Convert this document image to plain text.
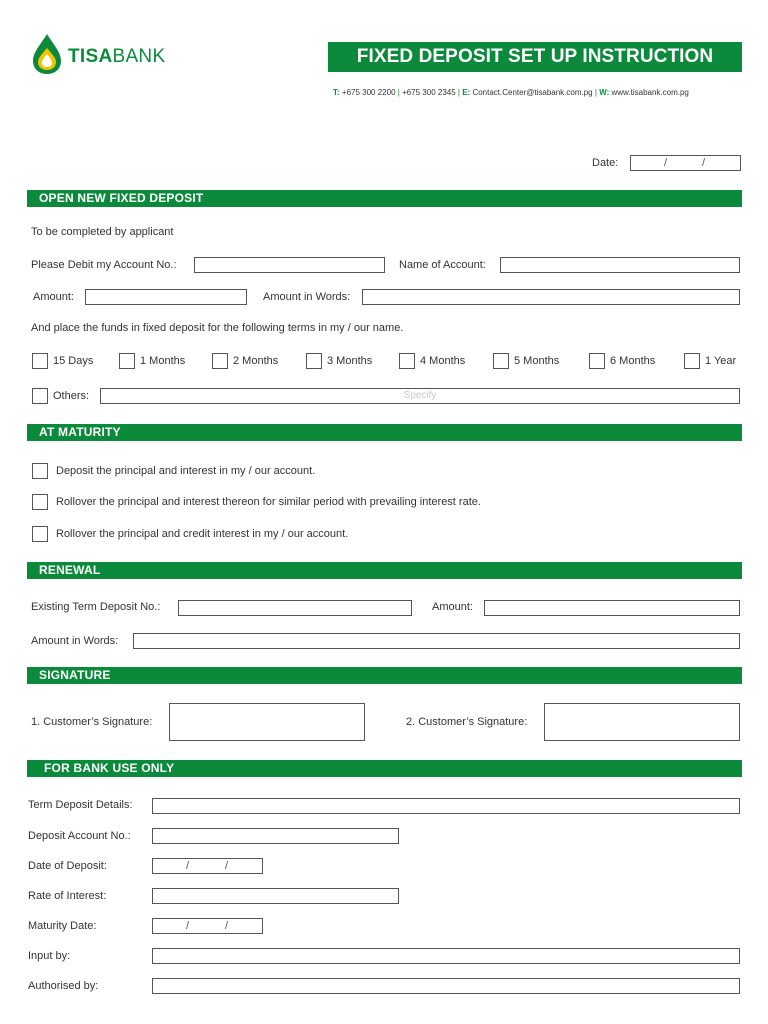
TISABANK	FIXED DEPOSIT SET UP INSTRUCTION
T: +675 300 2200 | +675 300 2345 | E: Contact.Center@tisabank.com.pg | W: www.tisabank.com.pg
Date:	/	/
OPEN NEW FIXED DEPOSIT
To be completed by applicant
Please Debit my Account No.:	Name of Account:
Amount:	Amount in Words:
And place the funds in fixed deposit for the following terms in my / our name.
15 Days	1 Months	2 Months	3 Months	4 Months	5 Months	6 Months	1 Year
Others:	Specify
AT MATURITY
Deposit the principal and interest in my / our account.
Rollover the principal and interest thereon for similar period with prevailing interest rate.
Rollover the principal and credit interest in my / our account.
RENEWAL
Existing Term Deposit No.:	Amount:
Amount in Words:
SIGNATURE
1. Customer’s Signature:	2. Customer’s Signature:
FOR BANK USE ONLY
Term Deposit Details:
Deposit Account No.:
Date of Deposit:	/	/
Rate of Interest:
Maturity Date:	/	/
Input by:
Authorised by:
